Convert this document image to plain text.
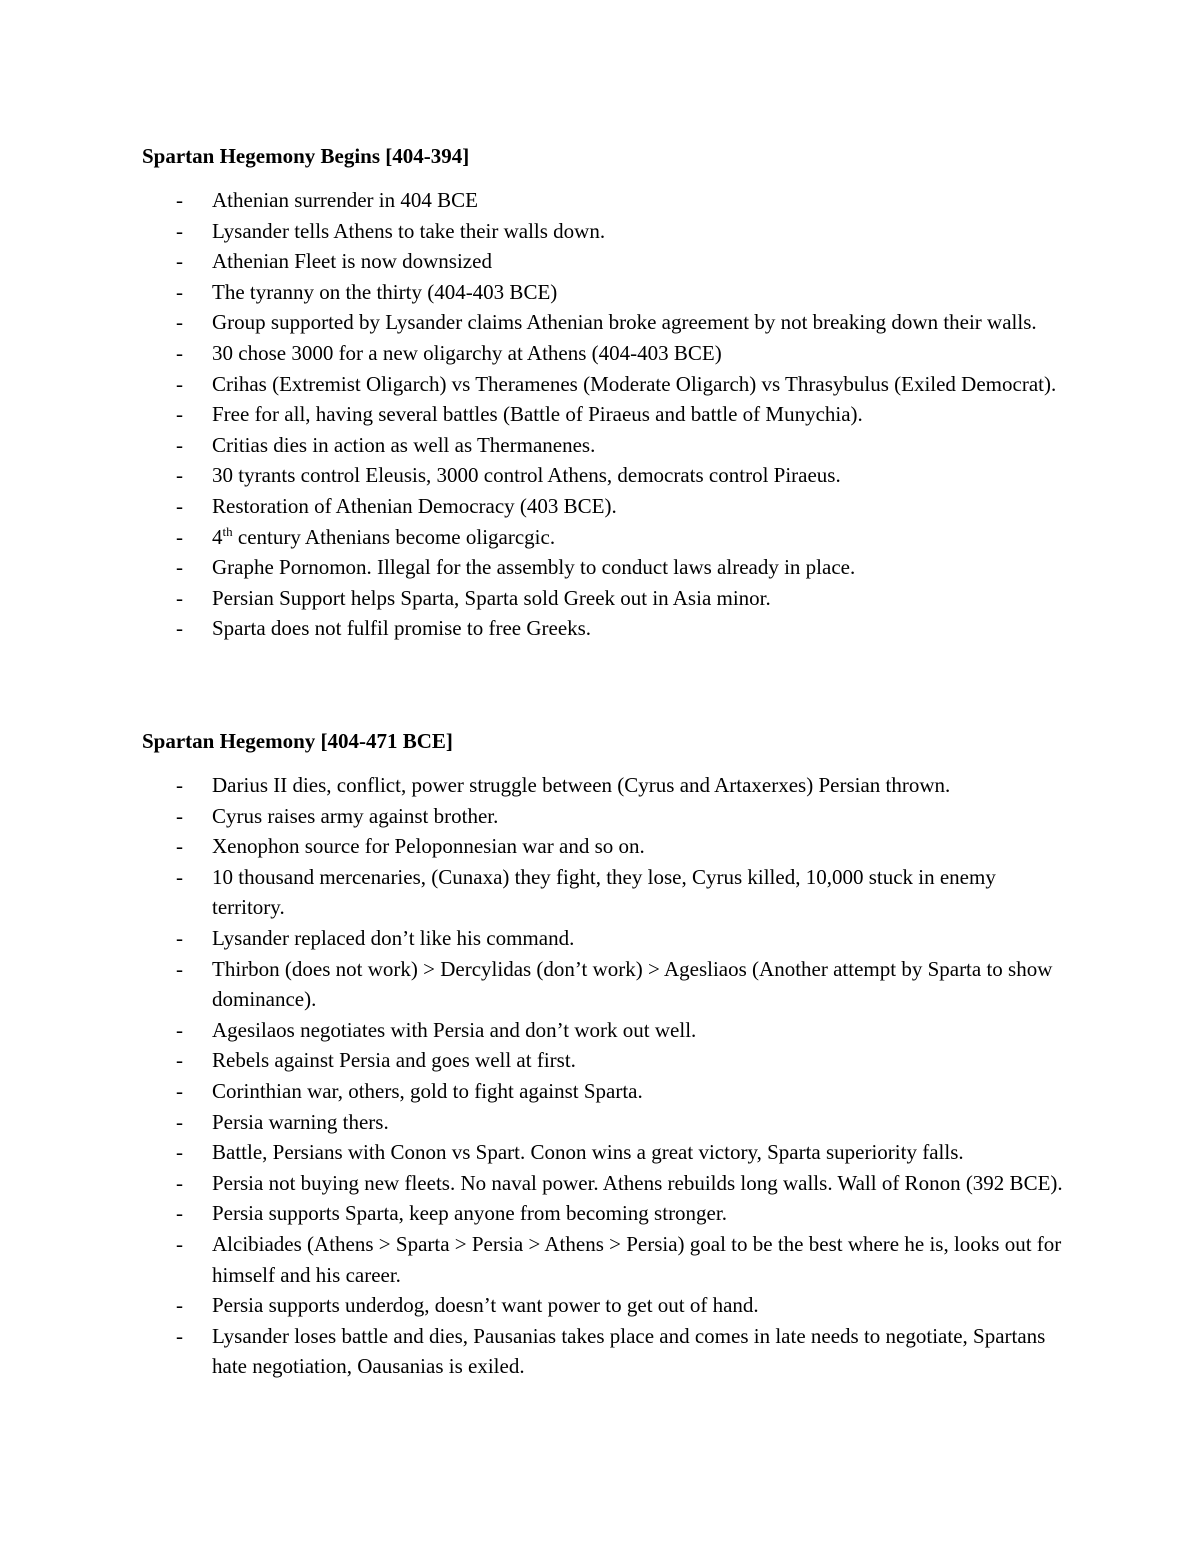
Spartan Hegemony Begins [404-394]
- Athenian surrender in 404 BCE
- Lysander tells Athens to take their walls down.
- Athenian Fleet is now downsized
- The tyranny on the thirty (404-403 BCE)
- Group supported by Lysander claims Athenian broke agreement by not breaking down their walls.
- 30 chose 3000 for a new oligarchy at Athens (404-403 BCE)
- Crihas (Extremist Oligarch) vs Theramenes (Moderate Oligarch) vs Thrasybulus (Exiled Democrat).
- Free for all, having several battles (Battle of Piraeus and battle of Munychia).
- Critias dies in action as well as Thermanenes.
- 30 tyrants control Eleusis, 3000 control Athens, democrats control Piraeus.
- Restoration of Athenian Democracy (403 BCE).
- 4th century Athenians become oligarcgic.
- Graphe Pornomon. Illegal for the assembly to conduct laws already in place.
- Persian Support helps Sparta, Sparta sold Greek out in Asia minor.
- Sparta does not fulfil promise to free Greeks.
Spartan Hegemony [404-471 BCE]
- Darius II dies, conflict, power struggle between (Cyrus and Artaxerxes) Persian thrown.
- Cyrus raises army against brother.
- Xenophon source for Peloponnesian war and so on.
- 10 thousand mercenaries, (Cunaxa) they fight, they lose, Cyrus killed, 10,000 stuck in enemy territory.
- Lysander replaced don’t like his command.
- Thirbon (does not work) > Dercylidas (don’t work) > Agesliaos (Another attempt by Sparta to show dominance).
- Agesilaos negotiates with Persia and don’t work out well.
- Rebels against Persia and goes well at first.
- Corinthian war, others, gold to fight against Sparta.
- Persia warning thers.
- Battle, Persians with Conon vs Spart. Conon wins a great victory, Sparta superiority falls.
- Persia not buying new fleets. No naval power. Athens rebuilds long walls. Wall of Ronon (392 BCE).
- Persia supports Sparta, keep anyone from becoming stronger.
- Alcibiades (Athens > Sparta > Persia > Athens > Persia) goal to be the best where he is, looks out for himself and his career.
- Persia supports underdog, doesn’t want power to get out of hand.
- Lysander loses battle and dies, Pausanias takes place and comes in late needs to negotiate, Spartans hate negotiation, Oausanias is exiled.
